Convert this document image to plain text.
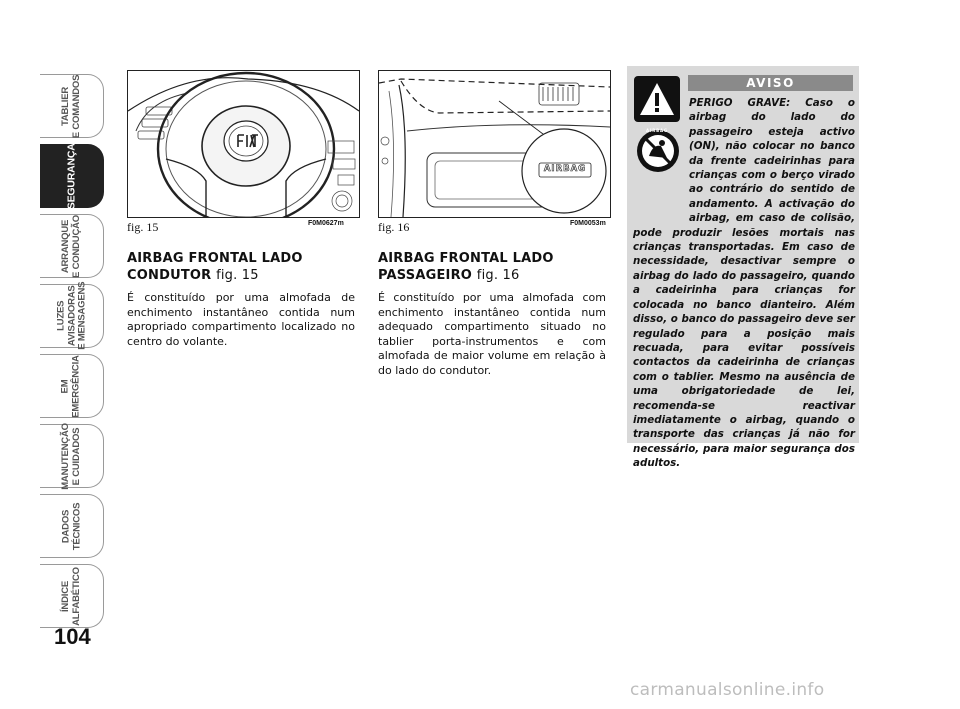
TABLIER
E COMANDOS
SEGURANÇA
ARRANQUE
E CONDUÇÃO
LUZES
AVISADORAS
E MENSAGENS
EM
EMERGÊNCIA
MANUTENÇÃO
E CUIDADOS
DADOS
TÉCNICOS
ÍNDICE
ALFABÉTICO
104
fig. 15	F0M0627m
AIRBAG
fig. 16	F0M0053m
AIRBAG FRONTAL LADO CONDUTOR fig. 15

É constituído por uma almofada de enchimento instantâneo contida num apropriado compartimento localizado no centro do volante.

AIRBAG FRONTAL LADO PASSAGEIRO fig. 16

É constituído por uma almofada com enchimento instantâneo contida num adequado compartimento situado no tablier porta-instrumentos e com almofada de maior volume em relação à do lado do condutor.

AVISO
AIRBAG
PERIGO GRAVE: Caso o airbag do lado do passageiro esteja activo (ON), não colocar no banco da frente cadeirinhas para crianças com o berço virado ao contrário do sentido de andamento. A activação do airbag, em caso de colisão, pode produzir lesões mortais nas crianças transportadas. Em caso de necessidade, desactivar sempre o airbag do lado do passageiro, quando a cadeirinha para crianças for colocada no banco dianteiro. Além disso, o banco do passageiro deve ser regulado para a posição mais recuada, para evitar possíveis contactos da cadeirinha de crianças com o tablier. Mesmo na ausência de uma obrigatoriedade de lei, recomenda-se reactivar imediatamente o airbag, quando o transporte das crianças já não for necessário, para maior segurança dos adultos.
carmanualsonline.info
